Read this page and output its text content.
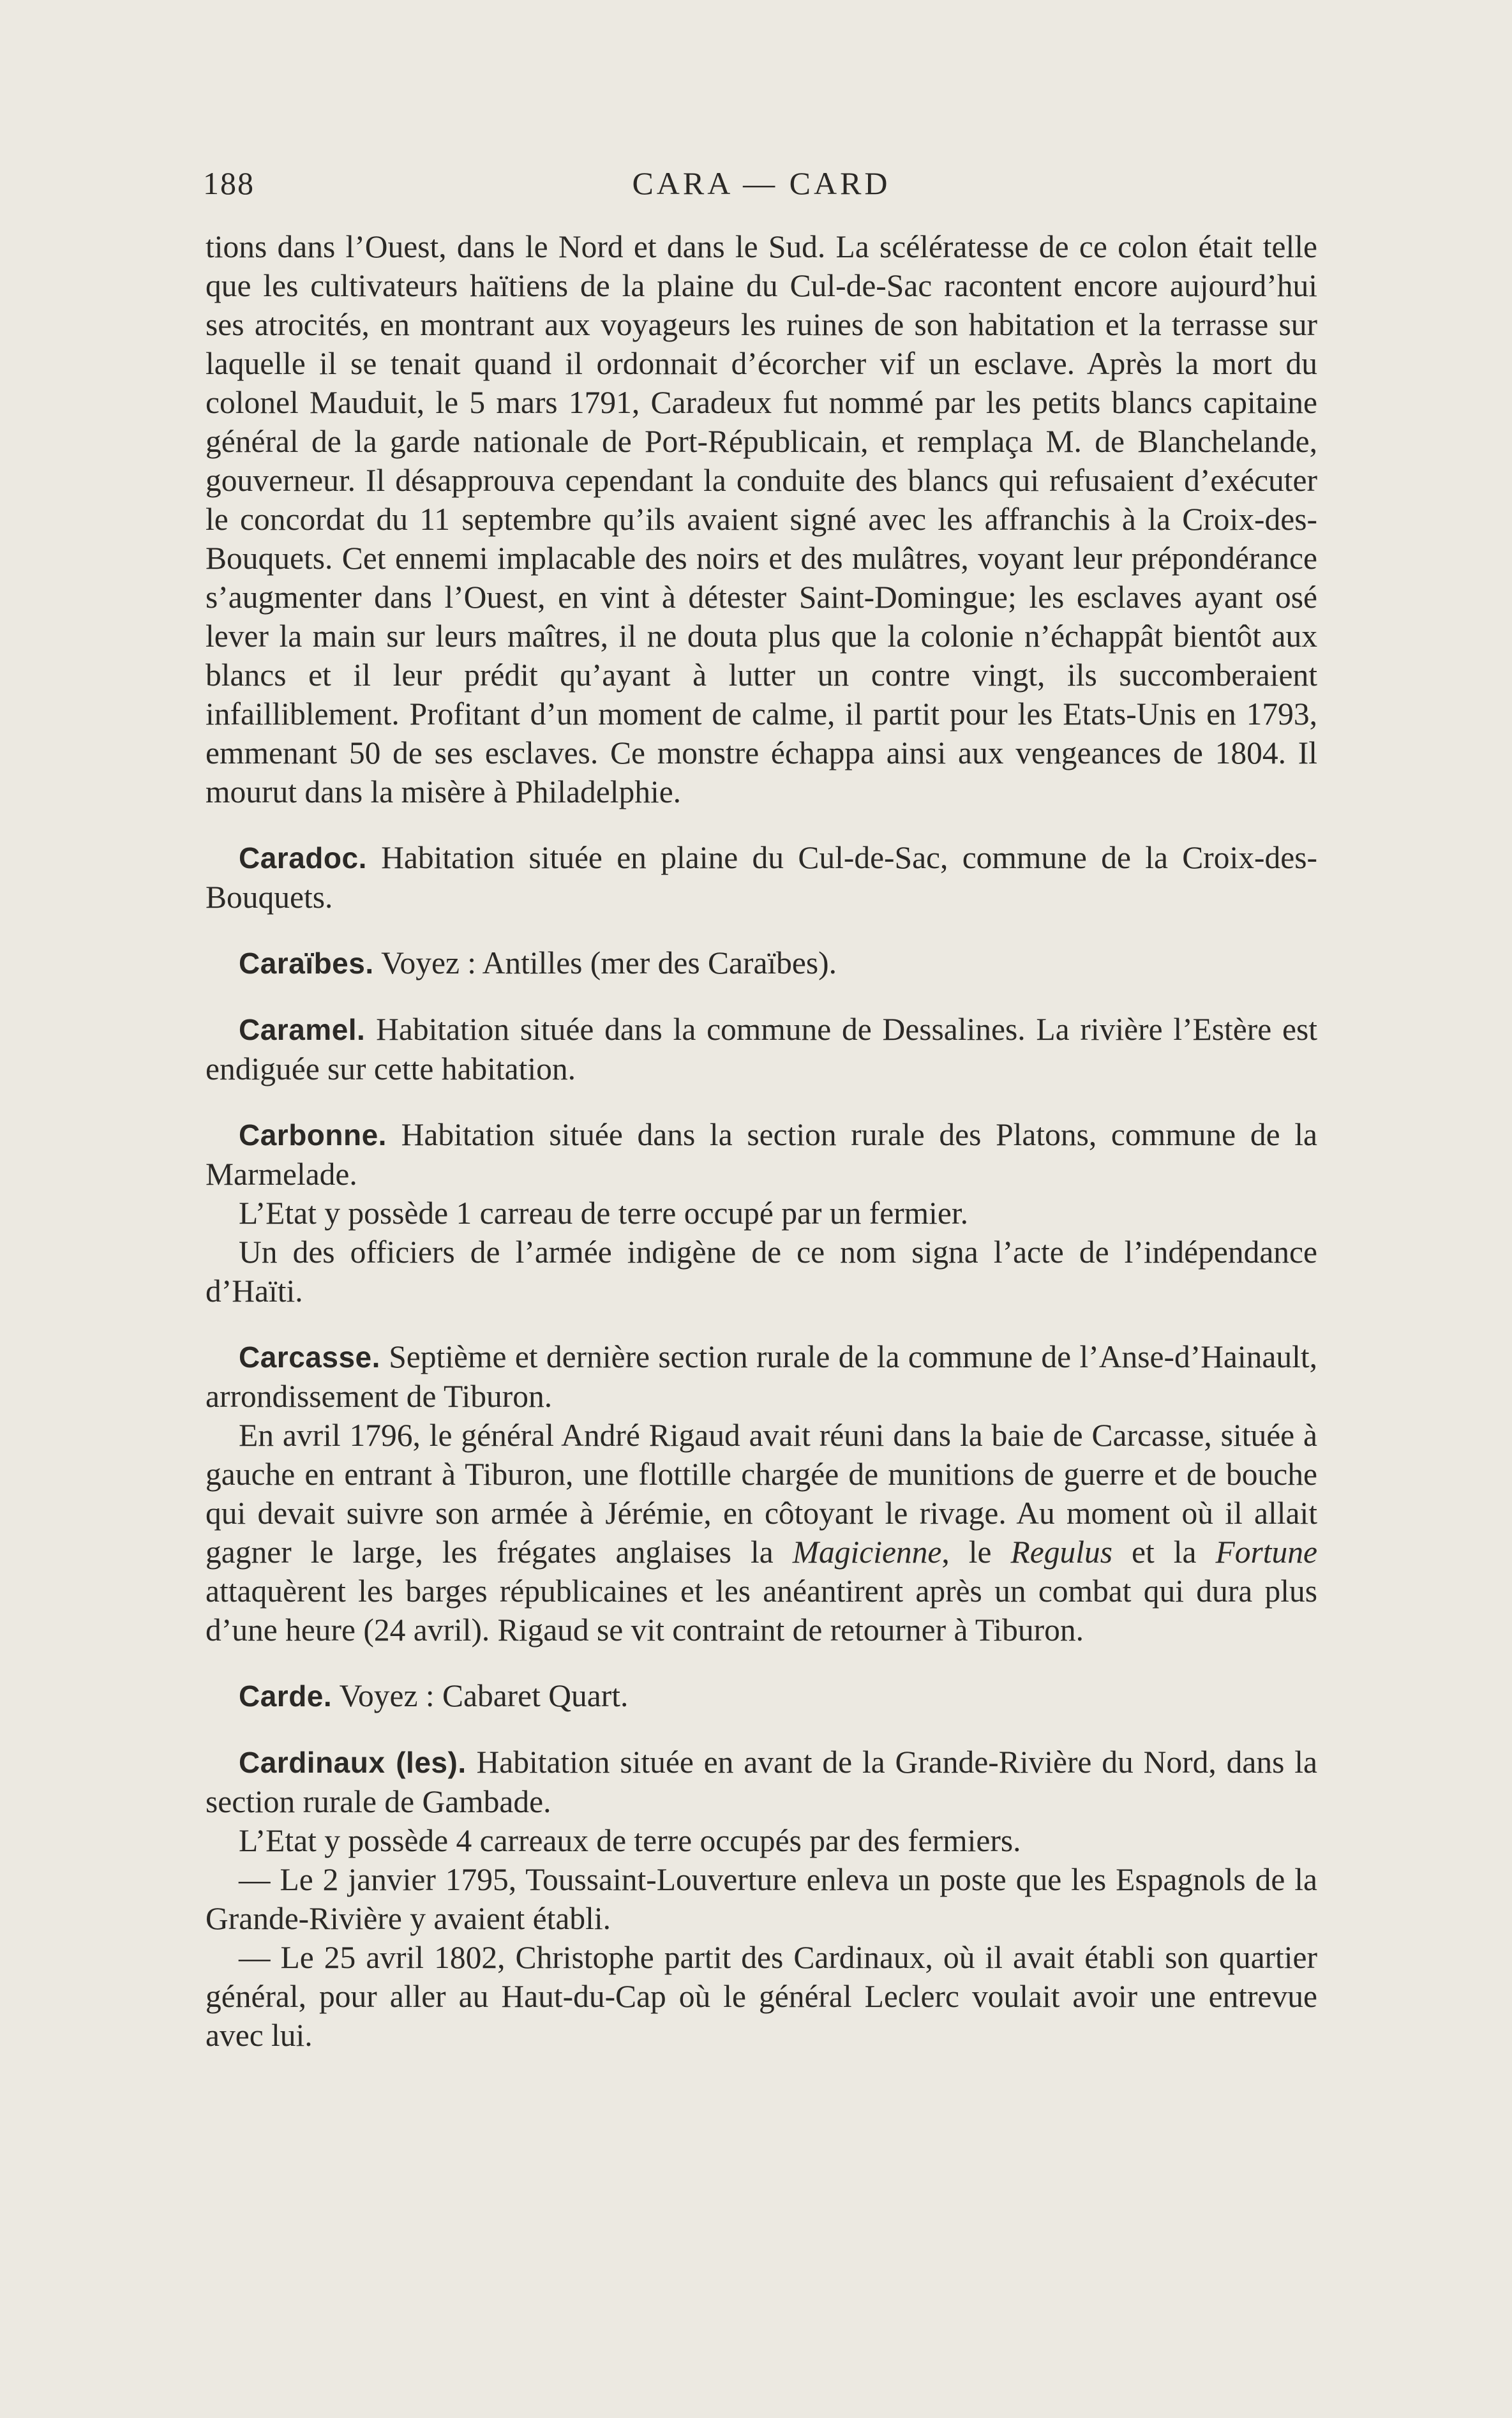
188	CARA — CARD

tions dans l’Ouest, dans le Nord et dans le Sud. La scélératesse de ce colon était telle que les cultivateurs haïtiens de la plaine du Cul-de-Sac racontent encore aujourd’hui ses atrocités, en montrant aux voyageurs les ruines de son habitation et la terrasse sur laquelle il se tenait quand il ordonnait d’écorcher vif un esclave. Après la mort du colonel Mauduit, le 5 mars 1791, Caradeux fut nommé par les petits blancs capitaine général de la garde nationale de Port-Républicain, et remplaça M. de Blanchelande, gouverneur. Il désapprouva cependant la conduite des blancs qui refusaient d’exécuter le concordat du 11 septembre qu’ils avaient signé avec les affranchis à la Croix-des-Bouquets. Cet ennemi implacable des noirs et des mulâtres, voyant leur prépondérance s’augmenter dans l’Ouest, en vint à détester Saint-Domingue; les esclaves ayant osé lever la main sur leurs maîtres, il ne douta plus que la colonie n’échappât bientôt aux blancs et il leur prédit qu’ayant à lutter un contre vingt, ils succomberaient infailliblement. Profitant d’un moment de calme, il partit pour les Etats-Unis en 1793, emmenant 50 de ses esclaves. Ce monstre échappa ainsi aux vengeances de 1804. Il mourut dans la misère à Philadelphie.

Caradoc. Habitation située en plaine du Cul-de-Sac, commune de la Croix-des-Bouquets.

Caraïbes. Voyez : Antilles (mer des Caraïbes).

Caramel. Habitation située dans la commune de Dessalines. La rivière l’Estère est endiguée sur cette habitation.

Carbonne. Habitation située dans la section rurale des Platons, commune de la Marmelade.

L’Etat y possède 1 carreau de terre occupé par un fermier.

Un des officiers de l’armée indigène de ce nom signa l’acte de l’indépendance d’Haïti.

Carcasse. Septième et dernière section rurale de la commune de l’Anse-d’Hainault, arrondissement de Tiburon.

En avril 1796, le général André Rigaud avait réuni dans la baie de Carcasse, située à gauche en entrant à Tiburon, une flottille chargée de munitions de guerre et de bouche qui devait suivre son armée à Jérémie, en côtoyant le rivage. Au moment où il allait gagner le large, les frégates anglaises la Magicienne, le Regulus et la Fortune attaquèrent les barges républicaines et les anéantirent après un combat qui dura plus d’une heure (24 avril). Rigaud se vit contraint de retourner à Tiburon.

Carde. Voyez : Cabaret Quart.

Cardinaux (les). Habitation située en avant de la Grande-Rivière du Nord, dans la section rurale de Gambade.

L’Etat y possède 4 carreaux de terre occupés par des fermiers.

— Le 2 janvier 1795, Toussaint-Louverture enleva un poste que les Espagnols de la Grande-Rivière y avaient établi.

— Le 25 avril 1802, Christophe partit des Cardinaux, où il avait établi son quartier général, pour aller au Haut-du-Cap où le général Leclerc voulait avoir une entrevue avec lui.
